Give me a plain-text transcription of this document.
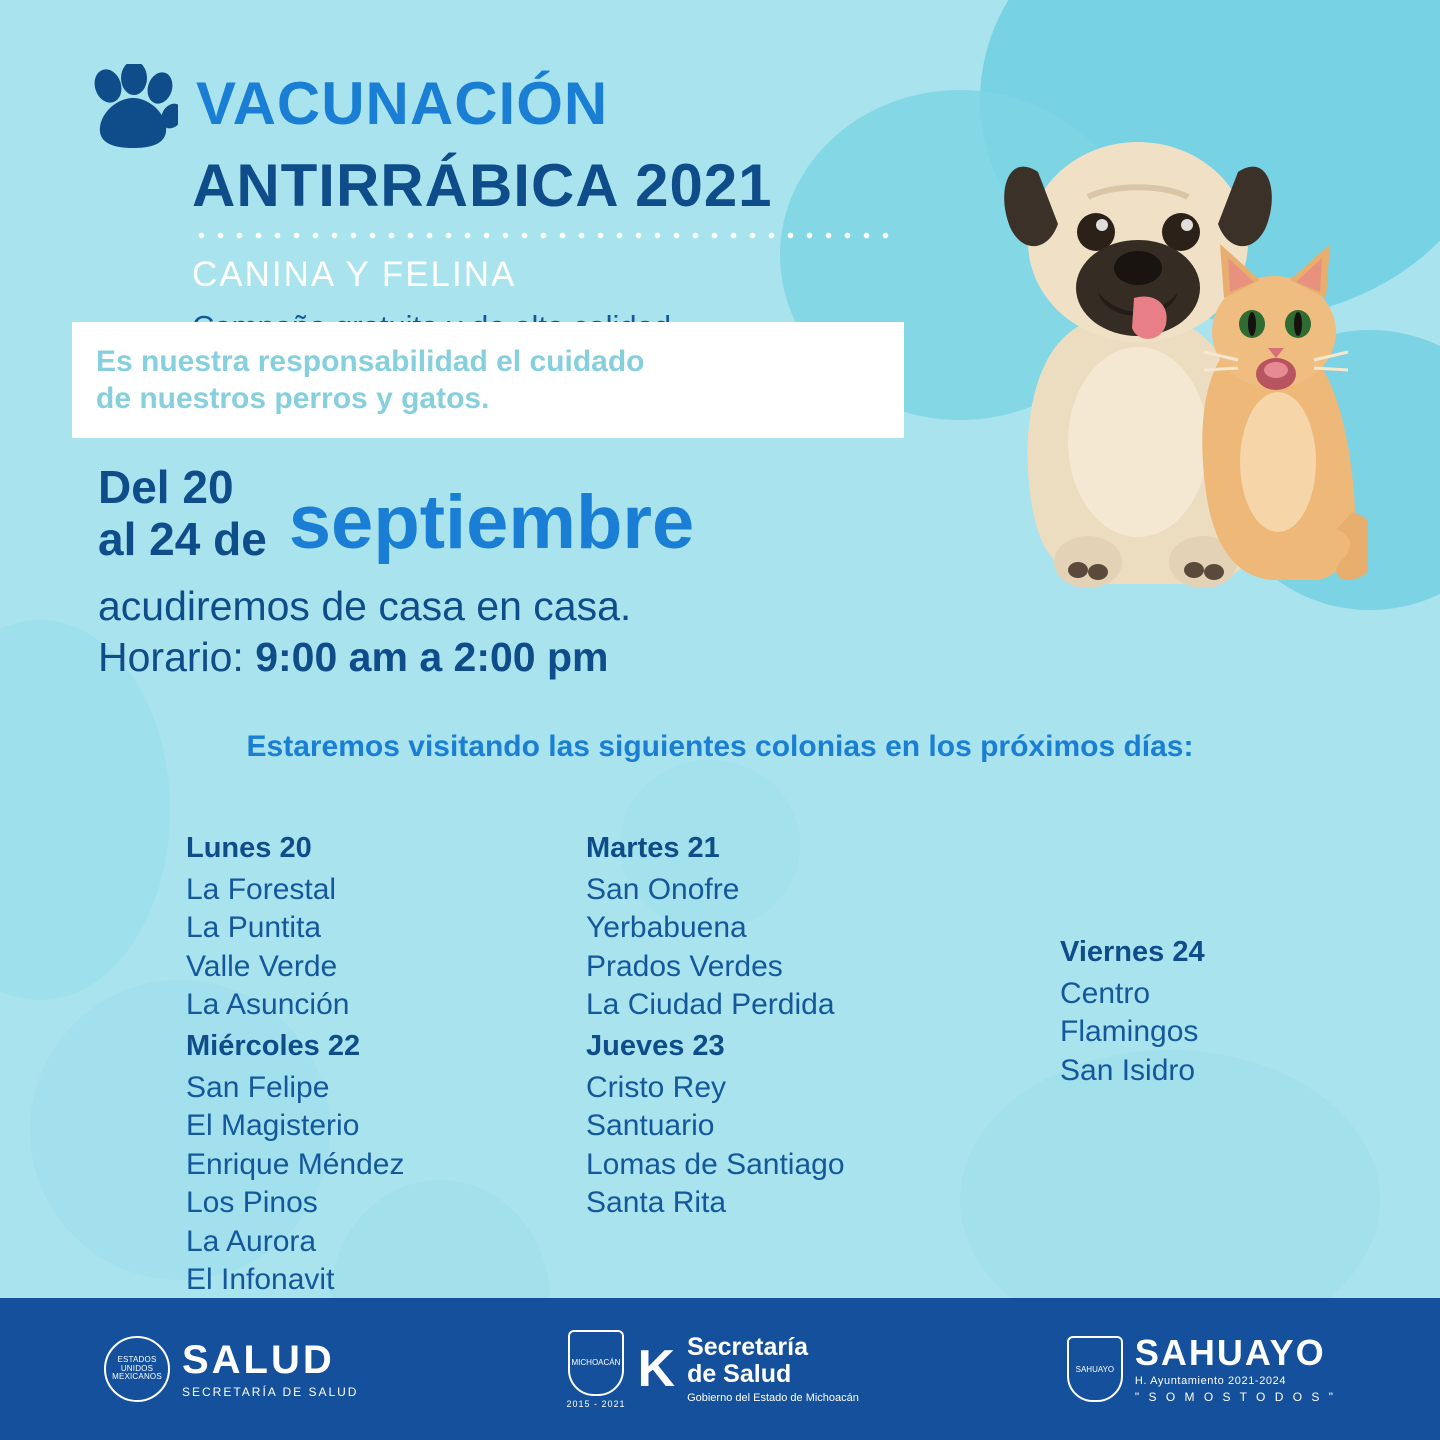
VACUNACIÓN
ANTIRRÁBICA 2021
CANINA Y FELINA
Es nuestra responsabilidad el cuidado
de nuestros perros y gatos.
Del 20
al 24 de septiembre
acudiremos de casa en casa.
Horario: 9:00 am a 2:00 pm
Estaremos visitando las siguientes colonias en los próximos días:
Lunes 20
La Forestal
La Puntita
Valle Verde
La Asunción
Martes 21
San Onofre
Yerbabuena
Prados Verdes
La Ciudad Perdida
Miércoles 22
San Felipe
El Magisterio
Enrique Méndez
Los Pinos
La Aurora
El Infonavit
Jueves 23
Cristo Rey
Santuario
Lomas de Santiago
Santa Rita
Viernes 24
Centro
Flamingos
San Isidro
ESTADOS UNIDOS MEXICANOS SALUD
SECRETARÍA DE SALUD
MICHOACÁN
2015 - 2021
K Secretaría
de Salud
Gobierno del Estado de Michoacán
SAHUAYO SAHUAYO
H. Ayuntamiento 2021-2024
" S O M O S T O D O S "
